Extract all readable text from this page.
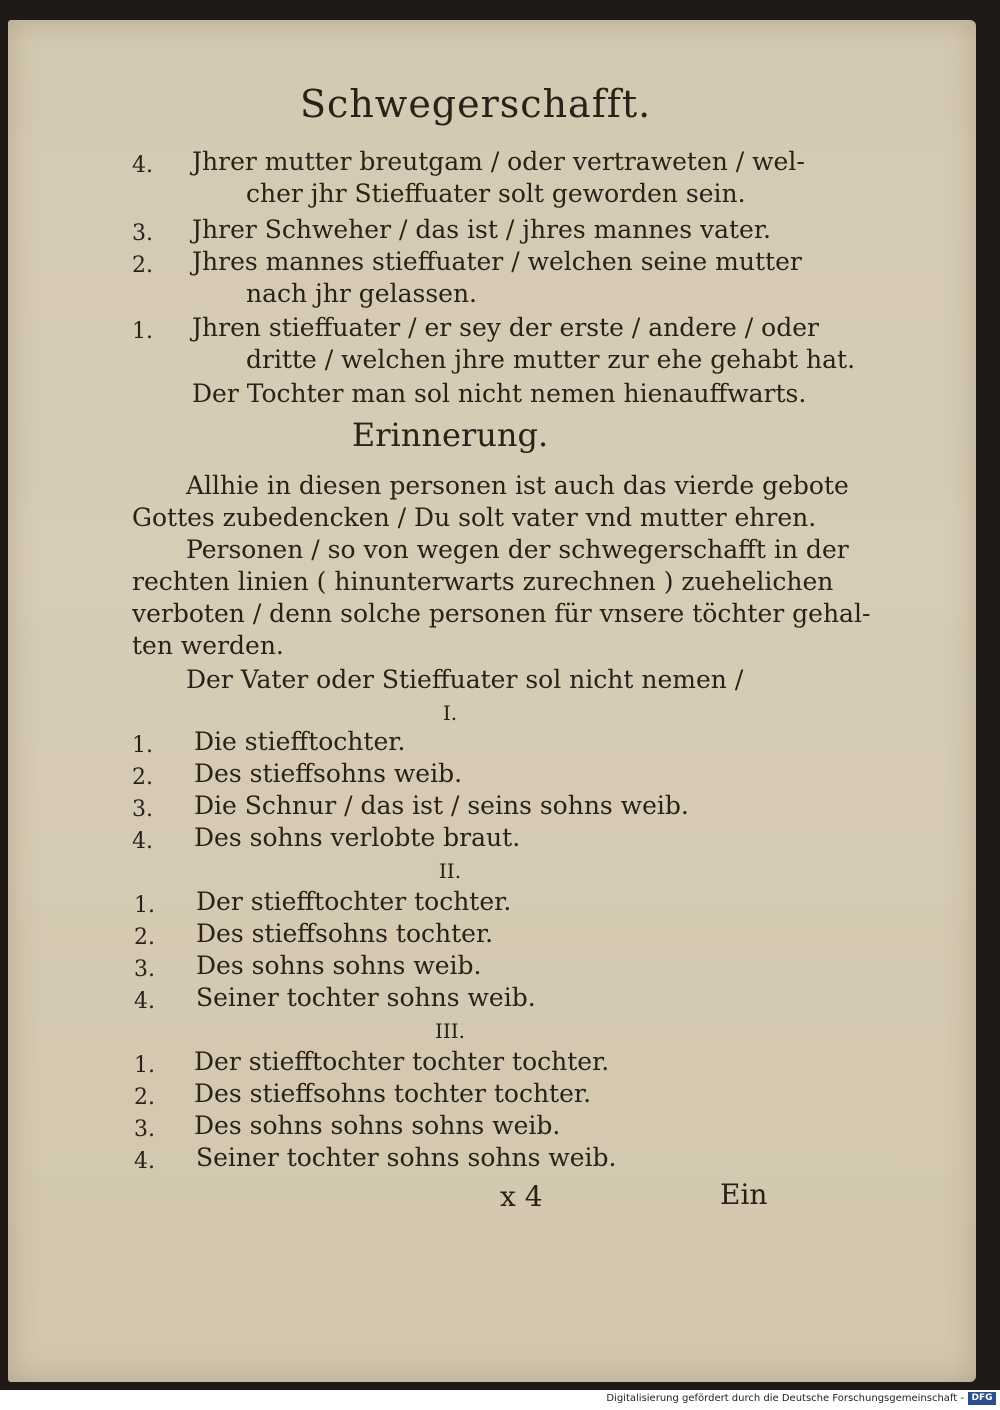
Schwegerschafft.
4.	Jhrer mutter breutgam / oder vertraweten / wel-
cher jhr Stieffuater solt geworden sein.
3.	Jhrer Schweher / das ist / jhres mannes vater.
2.	Jhres mannes stieffuater / welchen seine mutter
nach jhr gelassen.
1.	Jhren stieffuater / er sey der erste / andere / oder
dritte / welchen jhre mutter zur ehe gehabt hat.
Der Tochter man sol nicht nemen hienauffwarts.
Erinnerung.
Allhie in diesen personen ist auch das vierde gebote
Gottes zubedencken / Du solt vater vnd mutter ehren.
Personen / so von wegen der schwegerschafft in der
rechten linien ( hinunterwarts zurechnen ) zuehelichen
verboten / denn solche personen für vnsere töchter gehal-
ten werden.
Der Vater oder Stieffuater sol nicht nemen /
I.
1.	Die stiefftochter.
2.	Des stieffsohns weib.
3.	Die Schnur / das ist / seins sohns weib.
4.	Des sohns verlobte braut.
II.
1.	Der stiefftochter tochter.
2.	Des stieffsohns tochter.
3.	Des sohns sohns weib.
4.	Seiner tochter sohns weib.
III.
1.	Der stiefftochter tochter tochter.
2.	Des stieffsohns tochter tochter.
3.	Des sohns sohns sohns weib.
4.	Seiner tochter sohns sohns weib.
x 4	Ein
Digitalisierung gefördert durch die Deutsche Forschungsgemeinschaft - DFG
